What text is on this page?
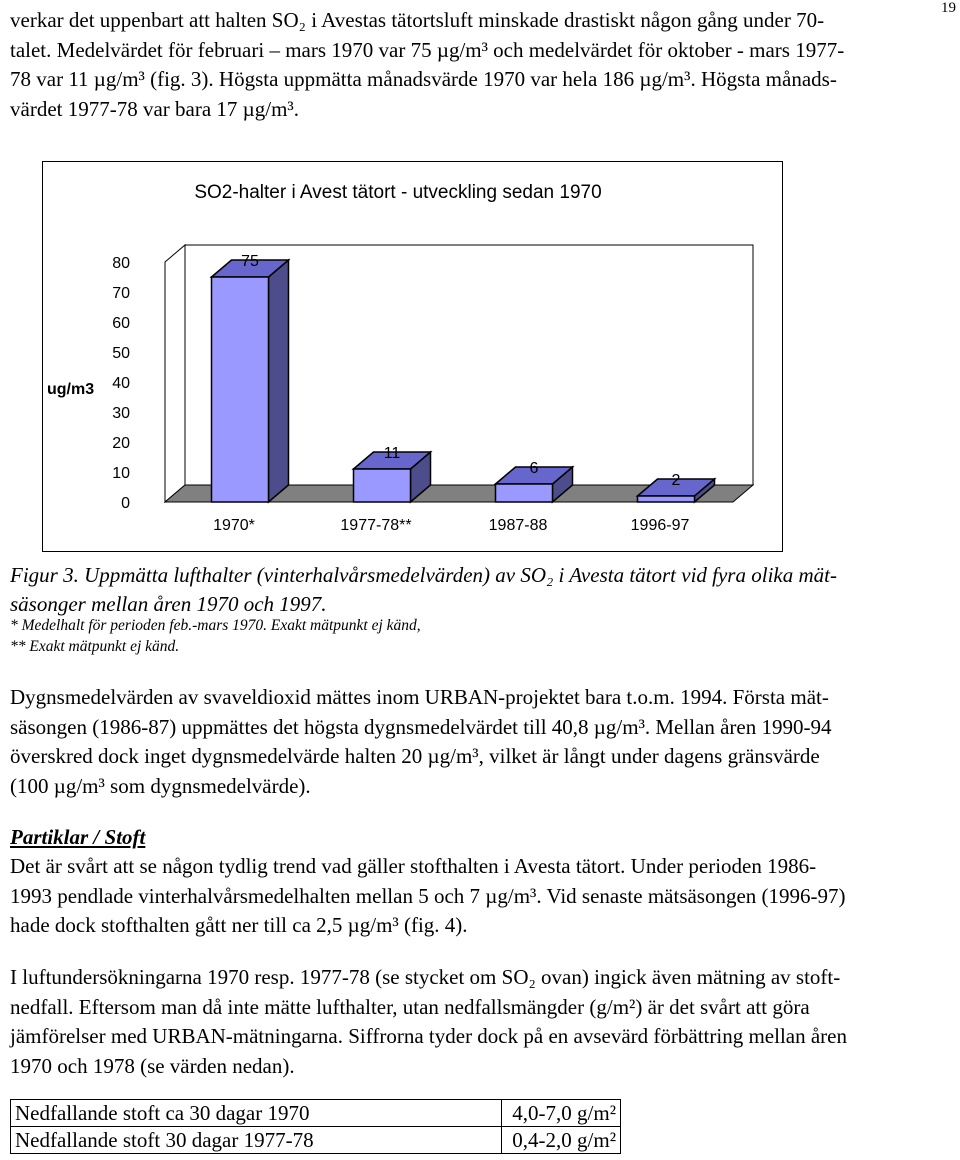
19
verkar det uppenbart att halten SO₂ i Avestas tätortsluft minskade drastiskt någon gång under 70-
talet. Medelvärdet för februari – mars 1970 var 75 µg/m³ och medelvärdet för oktober - mars 1977-
78 var 11 µg/m³ (fig. 3). Högsta uppmätta månadsvärde 1970 var hela 186 µg/m³. Högsta månads-
värdet 1977-78 var bara 17 µg/m³.
SO2-halter i Avest tätort - utveckling sedan 1970
ug/m3
0
10
20
30
40
50
60
70
80	75
1970*
11
1977-78**
6
1987-88
2
1996-97
Figur 3. Uppmätta lufthalter (vinterhalvårsmedelvärden) av SO₂ i Avesta tätort vid fyra olika mät-
säsonger mellan åren 1970 och 1997.
* Medelhalt för perioden feb.-mars 1970. Exakt mätpunkt ej känd,
** Exakt mätpunkt ej känd.
Dygnsmedelvärden av svaveldioxid mättes inom URBAN-projektet bara t.o.m. 1994. Första mät-
säsongen (1986-87) uppmättes det högsta dygnsmedelvärdet till 40,8 µg/m³. Mellan åren 1990-94
överskred dock inget dygnsmedelvärde halten 20 µg/m³, vilket är långt under dagens gränsvärde
(100 µg/m³ som dygnsmedelvärde).
Partiklar / Stoft
Det är svårt att se någon tydlig trend vad gäller stofthalten i Avesta tätort. Under perioden 1986-
1993 pendlade vinterhalvårsmedelhalten mellan 5 och 7 µg/m³. Vid senaste mätsäsongen (1996-97)
hade dock stofthalten gått ner till ca 2,5 µg/m³ (fig. 4).
I luftundersökningarna 1970 resp. 1977-78 (se stycket om SO₂ ovan) ingick även mätning av stoft-
nedfall. Eftersom man då inte mätte lufthalter, utan nedfallsmängder (g/m²) är det svårt att göra
jämförelser med URBAN-mätningarna. Siffrorna tyder dock på en avsevärd förbättring mellan åren
1970 och 1978 (se värden nedan).
Nedfallande stoft ca 30 dagar 1970	4,0-7,0 g/m²
Nedfallande stoft 30 dagar 1977-78	0,4-2,0 g/m²
